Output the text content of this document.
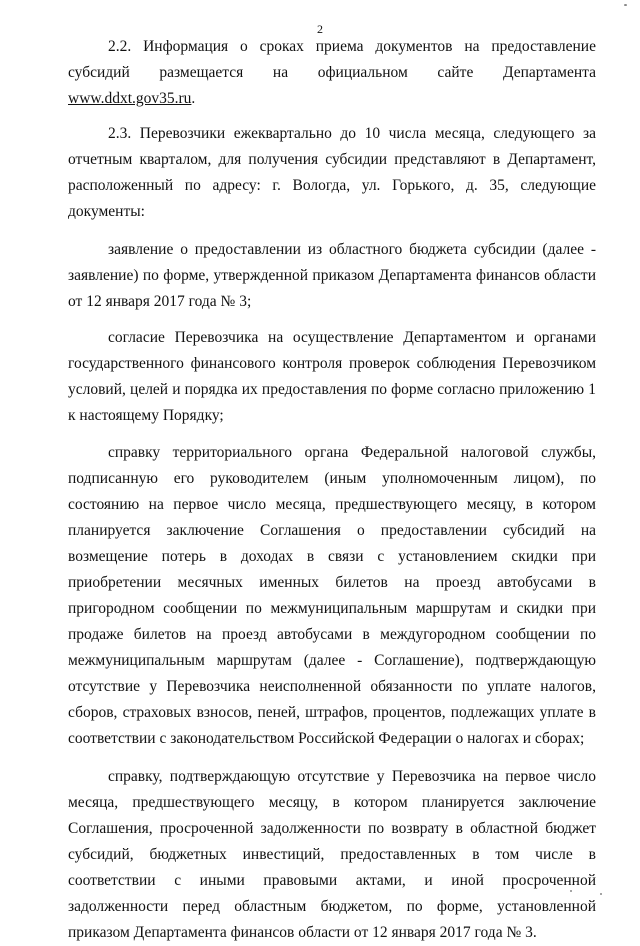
2

2.2. Информация о сроках приема документов на предоставление субсидий размещается на официальном сайте Департамента www.ddxt.gov35.ru.

2.3. Перевозчики ежеквартально до 10 числа месяца, следующего за отчетным кварталом, для получения субсидии представляют в Департамент, расположенный по адресу: г. Вологда, ул. Горького, д. 35, следующие документы:

заявление о предоставлении из областного бюджета субсидии (далее - заявление) по форме, утвержденной приказом Департамента финансов области от 12 января 2017 года № 3;

согласие Перевозчика на осуществление Департаментом и органами государственного финансового контроля проверок соблюдения Перевозчиком условий, целей и порядка их предоставления по форме согласно приложению 1 к настоящему Порядку;

справку территориального органа Федеральной налоговой службы, подписанную его руководителем (иным уполномоченным лицом), по состоянию на первое число месяца, предшествующего месяцу, в котором планируется заключение Соглашения о предоставлении субсидий на возмещение потерь в доходах в связи с установлением скидки при приобретении месячных именных билетов на проезд автобусами в пригородном сообщении по межмуниципальным маршрутам и скидки при продаже билетов на проезд автобусами в междугородном сообщении по межмуниципальным маршрутам (далее - Соглашение), подтверждающую отсутствие у Перевозчика неисполненной обязанности по уплате налогов, сборов, страховых взносов, пеней, штрафов, процентов, подлежащих уплате в соответствии с законодательством Российской Федерации о налогах и сборах;

справку, подтверждающую отсутствие у Перевозчика на первое число месяца, предшествующего месяцу, в котором планируется заключение Соглашения, просроченной задолженности по возврату в областной бюджет субсидий, бюджетных инвестиций, предоставленных в том числе в соответствии с иными правовыми актами, и иной просроченной задолженности перед областным бюджетом, по форме, установленной приказом Департамента финансов области от 12 января 2017 года № 3.
